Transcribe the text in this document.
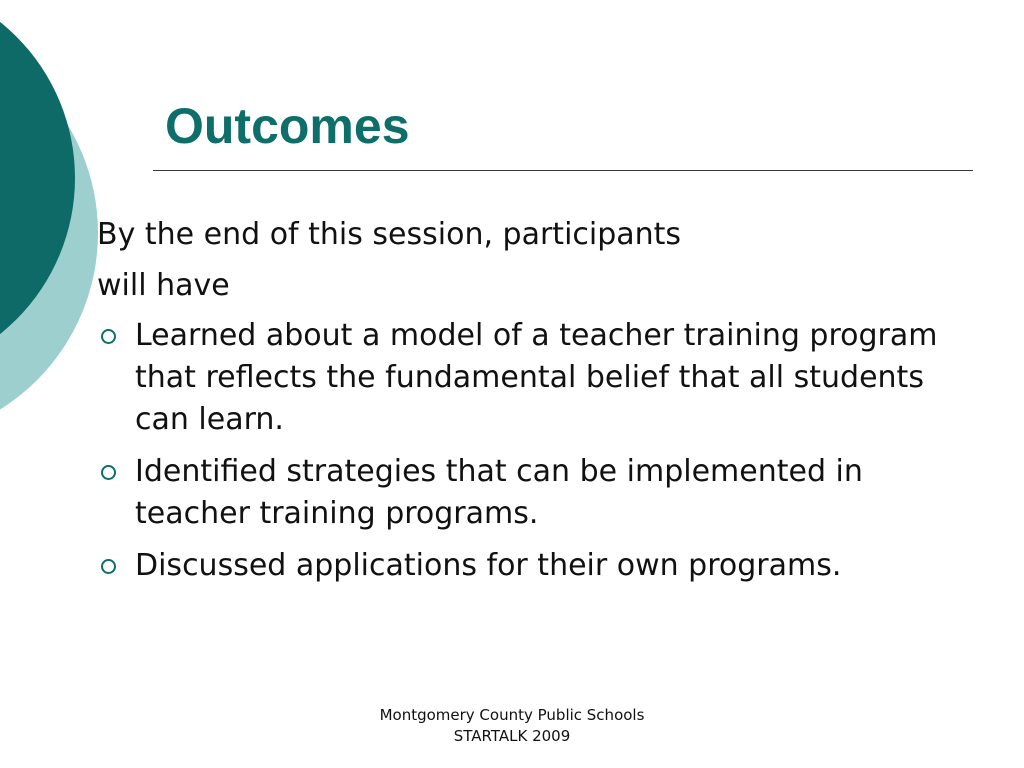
Outcomes

By the end of this session, participants

will have

Learned about a model of a teacher training program that reflects the fundamental belief that all students can learn.
Identified strategies that can be implemented in teacher training programs.
Discussed applications for their own programs.
Montgomery County Public Schools
STARTALK 2009
